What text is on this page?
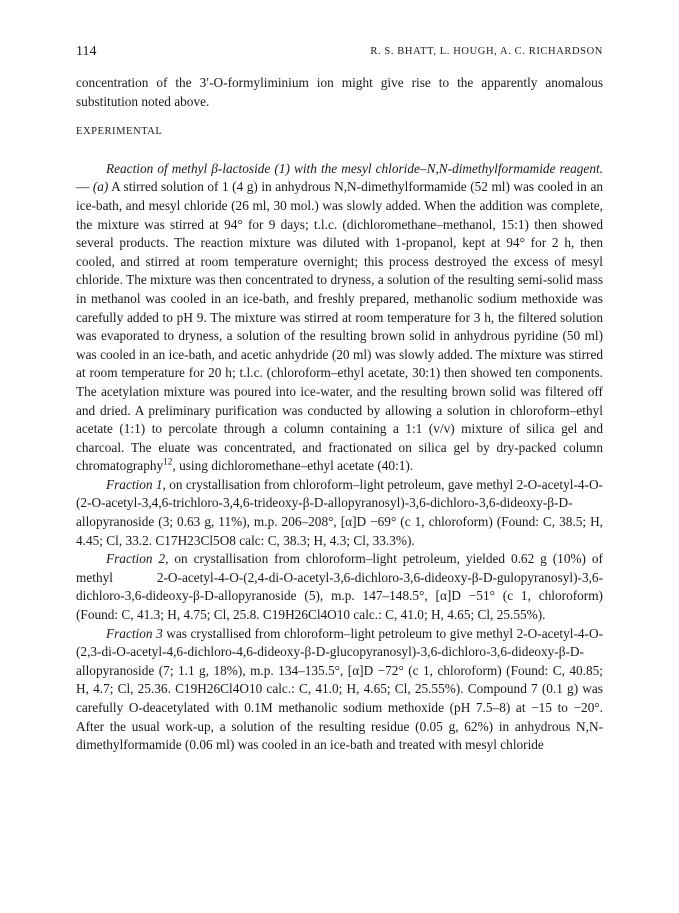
114	R. S. BHATT, L. HOUGH, A. C. RICHARDSON

concentration of the 3′-O-formyliminium ion might give rise to the apparently anomalous substitution noted above.

EXPERIMENTAL

Reaction of methyl β-lactoside (1) with the mesyl chloride–N,N-dimethylformamide reagent. — (a) A stirred solution of 1 (4 g) in anhydrous N,N-dimethylformamide (52 ml) was cooled in an ice-bath, and mesyl chloride (26 ml, 30 mol.) was slowly added. When the addition was complete, the mixture was stirred at 94° for 9 days; t.l.c. (dichloromethane–methanol, 15:1) then showed several products. The reaction mixture was diluted with 1-propanol, kept at 94° for 2 h, then cooled, and stirred at room temperature overnight; this process destroyed the excess of mesyl chloride. The mixture was then concentrated to dryness, a solution of the resulting semi-solid mass in methanol was cooled in an ice-bath, and freshly prepared, methanolic sodium methoxide was carefully added to pH 9. The mixture was stirred at room temperature for 3 h, the filtered solution was evaporated to dryness, a solution of the resulting brown solid in anhydrous pyridine (50 ml) was cooled in an ice-bath, and acetic anhydride (20 ml) was slowly added. The mixture was stirred at room temperature for 20 h; t.l.c. (chloroform–ethyl acetate, 30:1) then showed ten components. The acetylation mixture was poured into ice-water, and the resulting brown solid was filtered off and dried. A preliminary purification was conducted by allowing a solution in chloroform–ethyl acetate (1:1) to percolate through a column containing a 1:1 (v/v) mixture of silica gel and charcoal. The eluate was concentrated, and fractionated on silica gel by dry-packed column chromatography$^{12}$, using dichloromethane–ethyl acetate (40:1).

Fraction 1, on crystallisation from chloroform–light petroleum, gave methyl 2-O-acetyl-4-O-(2-O-acetyl-3,4,6-trichloro-3,4,6-trideoxy-β-D-allopyranosyl)-3,6-dichloro-3,6-dideoxy-β-D-allopyranoside (3; 0.63 g, 11%), m.p. 206–208°, [α]D −69° (c 1, chloroform) (Found: C, 38.5; H, 4.45; Cl, 33.2. C17H23Cl5O8 calc: C, 38.3; H, 4.3; Cl, 33.3%).

Fraction 2, on crystallisation from chloroform–light petroleum, yielded 0.62 g (10%) of methyl 2-O-acetyl-4-O-(2,4-di-O-acetyl-3,6-dichloro-3,6-dideoxy-β-D-gulopyranosyl)-3,6-dichloro-3,6-dideoxy-β-D-allopyranoside (5), m.p. 147–148.5°, [α]D −51° (c 1, chloroform) (Found: C, 41.3; H, 4.75; Cl, 25.8. C19H26Cl4O10 calc.: C, 41.0; H, 4.65; Cl, 25.55%).

Fraction 3 was crystallised from chloroform–light petroleum to give methyl 2-O-acetyl-4-O-(2,3-di-O-acetyl-4,6-dichloro-4,6-dideoxy-β-D-glucopyranosyl)-3,6-dichloro-3,6-dideoxy-β-D-allopyranoside (7; 1.1 g, 18%), m.p. 134–135.5°, [α]D −72° (c 1, chloroform) (Found: C, 40.85; H, 4.7; Cl, 25.36. C19H26Cl4O10 calc.: C, 41.0; H, 4.65; Cl, 25.55%). Compound 7 (0.1 g) was carefully O-deacetylated with 0.1M methanolic sodium methoxide (pH 7.5–8) at −15 to −20°. After the usual work-up, a solution of the resulting residue (0.05 g, 62%) in anhydrous N,N-dimethylformamide (0.06 ml) was cooled in an ice-bath and treated with mesyl chloride
